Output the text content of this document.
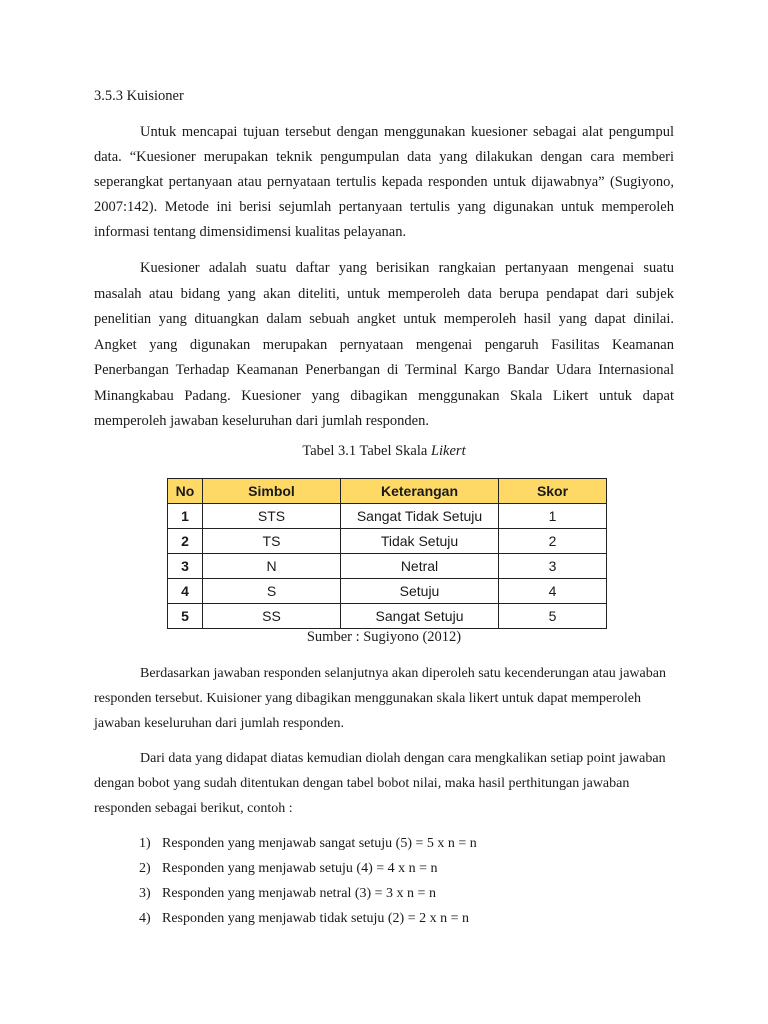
3.5.3 Kuisioner

Untuk mencapai tujuan tersebut dengan menggunakan kuesioner sebagai alat pengumpul data. “Kuesioner merupakan teknik pengumpulan data yang dilakukan dengan cara memberi seperangkat pertanyaan atau pernyataan tertulis kepada responden untuk dijawabnya” (Sugiyono, 2007:142). Metode ini berisi sejumlah pertanyaan tertulis yang digunakan untuk memperoleh informasi tentang dimensidimensi kualitas pelayanan.

Kuesioner adalah suatu daftar yang berisikan rangkaian pertanyaan mengenai suatu masalah atau bidang yang akan diteliti, untuk memperoleh data berupa pendapat dari subjek penelitian yang dituangkan dalam sebuah angket untuk memperoleh hasil yang dapat dinilai. Angket yang digunakan merupakan pernyataan mengenai pengaruh Fasilitas Keamanan Penerbangan Terhadap Keamanan Penerbangan di Terminal Kargo Bandar Udara Internasional Minangkabau Padang. Kuesioner yang dibagikan menggunakan Skala Likert untuk dapat memperoleh jawaban keseluruhan dari jumlah responden.

Tabel 3.1 Tabel Skala Likert
No	Simbol	Keterangan	Skor
1	STS	Sangat Tidak Setuju	1
2	TS	Tidak Setuju	2
3	N	Netral	3
4	S	Setuju	4
5	SS	Sangat Setuju	5
Sumber : Sugiyono (2012)

Berdasarkan jawaban responden selanjutnya akan diperoleh satu kecenderungan atau jawaban responden tersebut. Kuisioner yang dibagikan menggunakan skala likert untuk dapat memperoleh jawaban keseluruhan dari jumlah responden.

Dari data yang didapat diatas kemudian diolah dengan cara mengkalikan setiap point jawaban dengan bobot yang sudah ditentukan dengan tabel bobot nilai, maka hasil perthitungan jawaban responden sebagai berikut, contoh :

1) Responden yang menjawab sangat setuju (5) = 5 x n = n
2) Responden yang menjawab setuju (4) = 4 x n = n
3) Responden yang menjawab netral (3) = 3 x n = n
4) Responden yang menjawab tidak setuju (2) = 2 x n = n
